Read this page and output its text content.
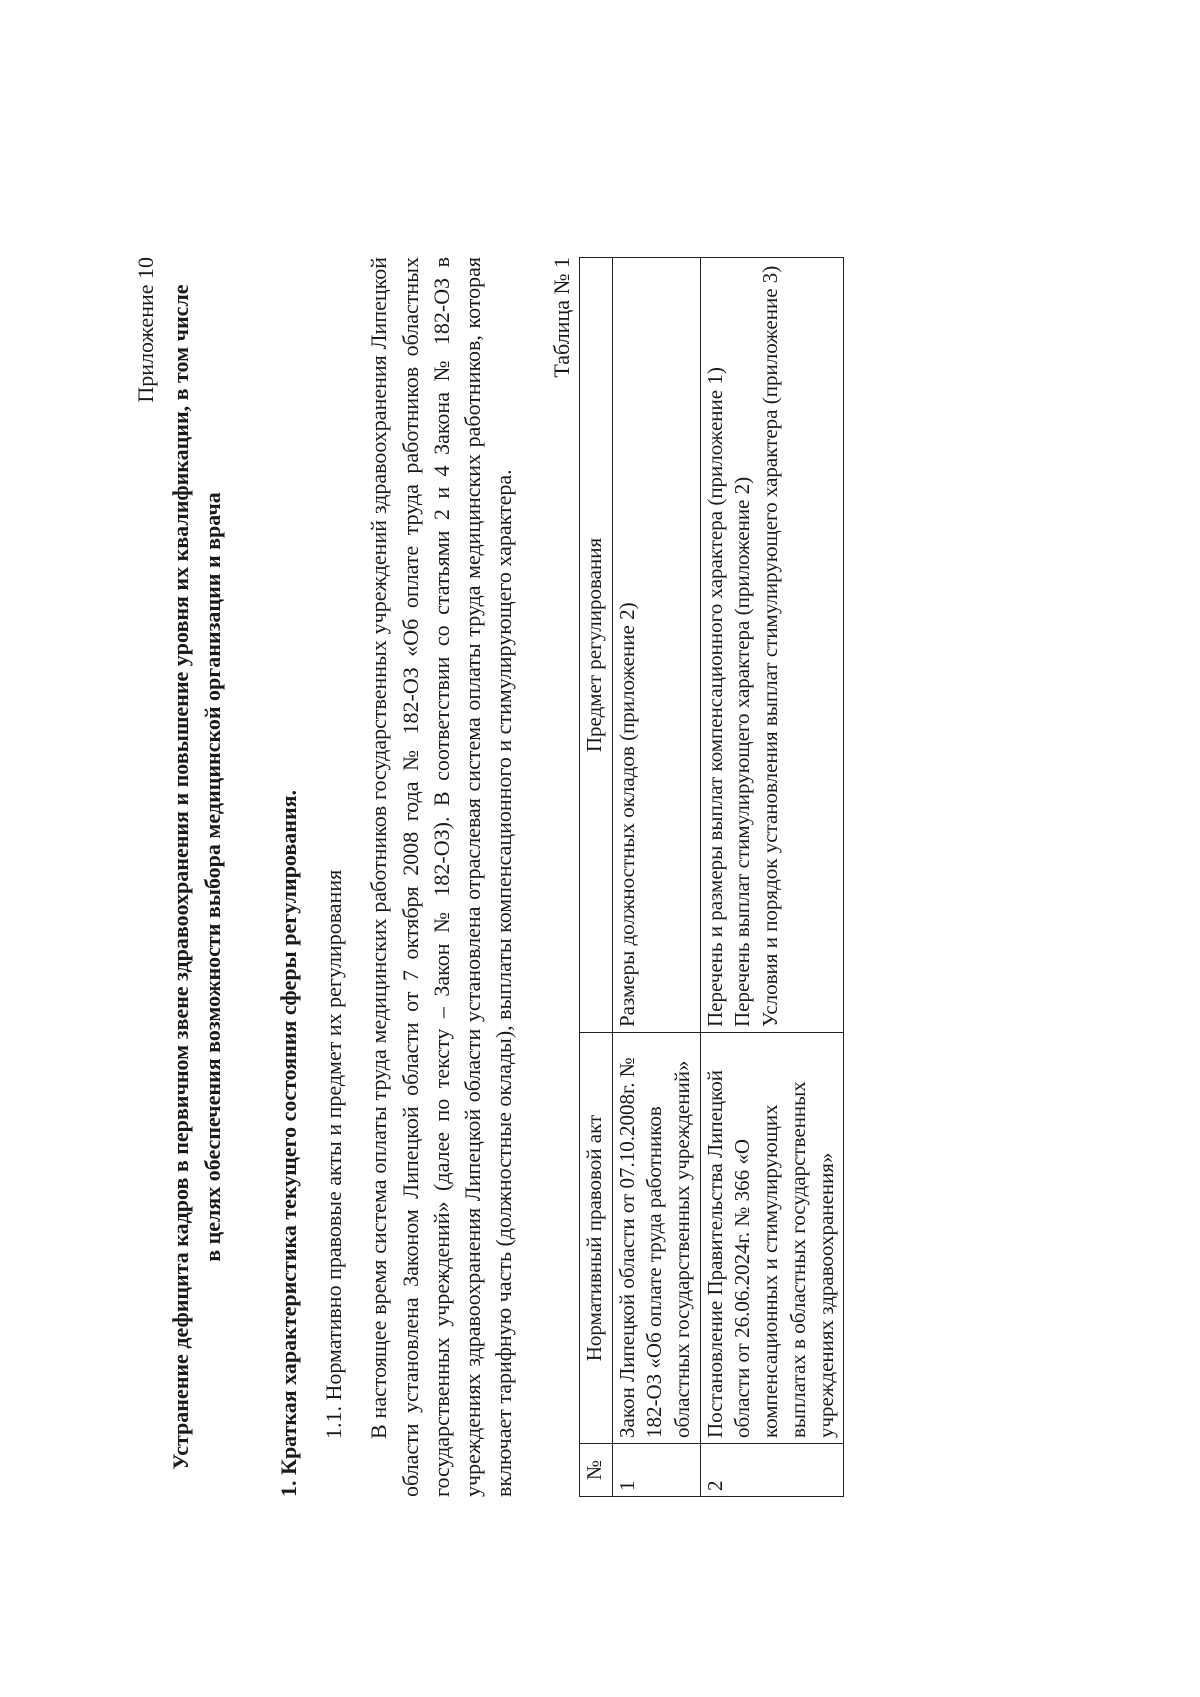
Приложение 10 Устранение дефицита кадров в первичном звене здравоохранения и повышение уровня их квалификации, в том числе в целях обеспечения возможности выбора медицинской организации и врача 1. Краткая характеристика текущего состояния сферы регулирования. 1.1. Нормативно правовые акты и предмет их регулирования В настоящее время система оплаты труда медицинских работников государственных учреждений здравоохранения Липецкой области установлена Законом Липецкой области от 7 октября 2008 года № 182-ОЗ «Об оплате труда работников областных государственных учреждений» (далее по тексту – Закон № 182-ОЗ). В соответствии со статьями 2 и 4 Закона № 182-ОЗ в учреждениях здравоохранения Липецкой области установлена отраслевая система оплаты труда медицинских работников, которая включает тарифную часть (должностные оклады), выплаты компенсационного и стимулирующего характера.

Таблица № 1
№	Нормативный правовой акт	Предмет регулирования
1	Закон Липецкой области от 07.10.2008г. № 182-ОЗ «Об оплате труда работников областных государственных учреждений»	Размеры должностных окладов (приложение 2)

2	Постановление Правительства Липецкой области от 26.06.2024г. № 366 «О компенсационных и стимулирующих выплатах в областных государственных учреждениях здравоохранения»	Перечень и размеры выплат компенсационного характера (приложение 1) Перечень выплат стимулирующего характера (приложение 2) Условия и порядок установления выплат стимулирующего характера (приложение 3)
